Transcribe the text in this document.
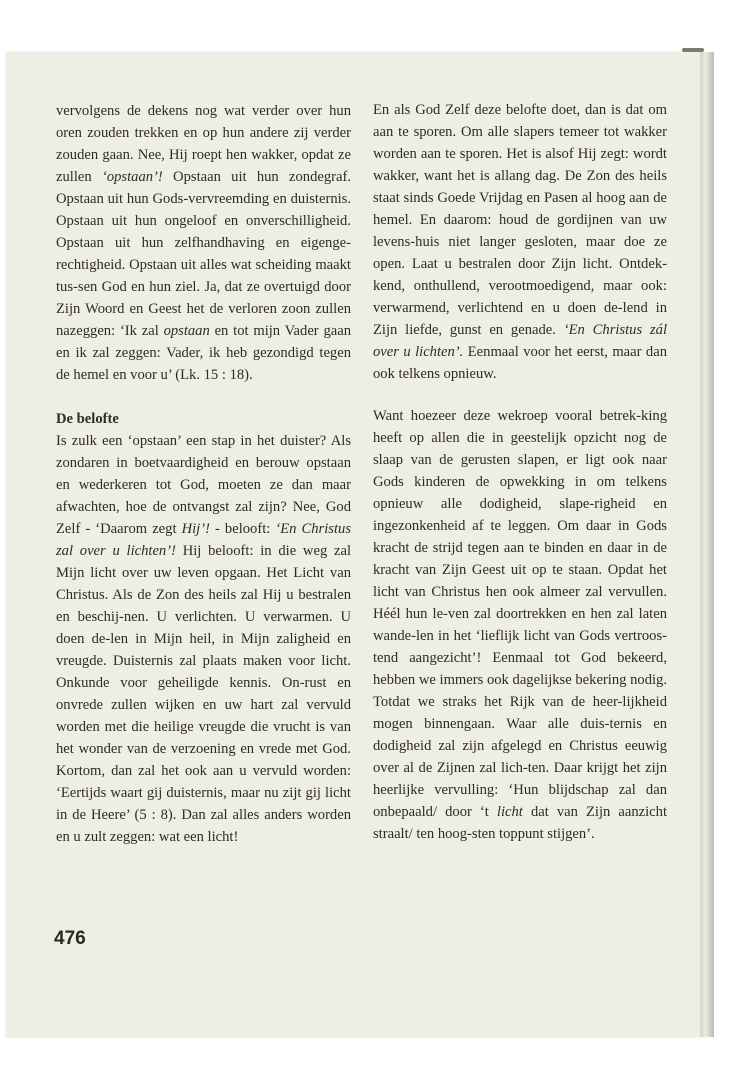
vervolgens de dekens nog wat verder over hun oren zouden trekken en op hun andere zij verder zouden gaan. Nee, Hij roept hen wakker, opdat ze zullen ‘opstaan’! Opstaan uit hun zondegraf. Opstaan uit hun Gods-vervreemding en duisternis. Opstaan uit hun ongeloof en onverschilligheid. Opstaan uit hun zelfhandhaving en eigenge-rechtigheid. Opstaan uit alles wat scheiding maakt tus-sen God en hun ziel. Ja, dat ze overtuigd door Zijn Woord en Geest het de verloren zoon zullen nazeggen: ‘Ik zal opstaan en tot mijn Vader gaan en ik zal zeggen: Vader, ik heb gezondigd tegen de hemel en voor u’ (Lk. 15 : 18).

De belofte

Is zulk een ‘opstaan’ een stap in het duister? Als zondaren in boetvaardigheid en berouw opstaan en wederkeren tot God, moeten ze dan maar afwachten, hoe de ontvangst zal zijn? Nee, God Zelf - ‘Daarom zegt Hij’! - belooft: ‘En Christus zal over u lichten’! Hij belooft: in die weg zal Mijn licht over uw leven opgaan. Het Licht van Christus. Als de Zon des heils zal Hij u bestralen en beschij-nen. U verlichten. U verwarmen. U doen de-len in Mijn heil, in Mijn zaligheid en vreugde. Duisternis zal plaats maken voor licht. Onkunde voor geheiligde kennis. On-rust en onvrede zullen wijken en uw hart zal vervuld worden met die heilige vreugde die vrucht is van het wonder van de verzoening en vrede met God. Kortom, dan zal het ook aan u vervuld worden: ‘Eertijds waart gij duisternis, maar nu zijt gij licht in de Heere’ (5 : 8). Dan zal alles anders worden en u zult zeggen: wat een licht!

En als God Zelf deze belofte doet, dan is dat om aan te sporen. Om alle slapers temeer tot wakker worden aan te sporen. Het is alsof Hij zegt: wordt wakker, want het is allang dag. De Zon des heils staat sinds Goede Vrijdag en Pasen al hoog aan de hemel. En daarom: houd de gordijnen van uw levens-huis niet langer gesloten, maar doe ze open. Laat u bestralen door Zijn licht. Ontdek-kend, onthullend, verootmoedigend, maar ook: verwarmend, verlichtend en u doen de-lend in Zijn liefde, gunst en genade. ‘En Christus zál over u lichten’. Eenmaal voor het eerst, maar dan ook telkens opnieuw.

Want hoezeer deze wekroep vooral betrek-king heeft op allen die in geestelijk opzicht nog de slaap van de gerusten slapen, er ligt ook naar Gods kinderen de opwekking in om telkens opnieuw alle dodigheid, slape-righeid en ingezonkenheid af te leggen. Om daar in Gods kracht de strijd tegen aan te binden en daar in de kracht van Zijn Geest uit op te staan. Opdat het licht van Christus hen ook almeer zal vervullen. Héél hun le-ven zal doortrekken en hen zal laten wande-len in het ‘lieflijk licht van Gods vertroos-tend aangezicht’! Eenmaal tot God bekeerd, hebben we immers ook dagelijkse bekering nodig. Totdat we straks het Rijk van de heer-lijkheid mogen binnengaan. Waar alle duis-ternis en dodigheid zal zijn afgelegd en Christus eeuwig over al de Zijnen zal lich-ten. Daar krijgt het zijn heerlijke vervulling: ‘Hun blijdschap zal dan onbepaald/ door ‘t licht dat van Zijn aanzicht straalt/ ten hoog-sten toppunt stijgen’.

476
